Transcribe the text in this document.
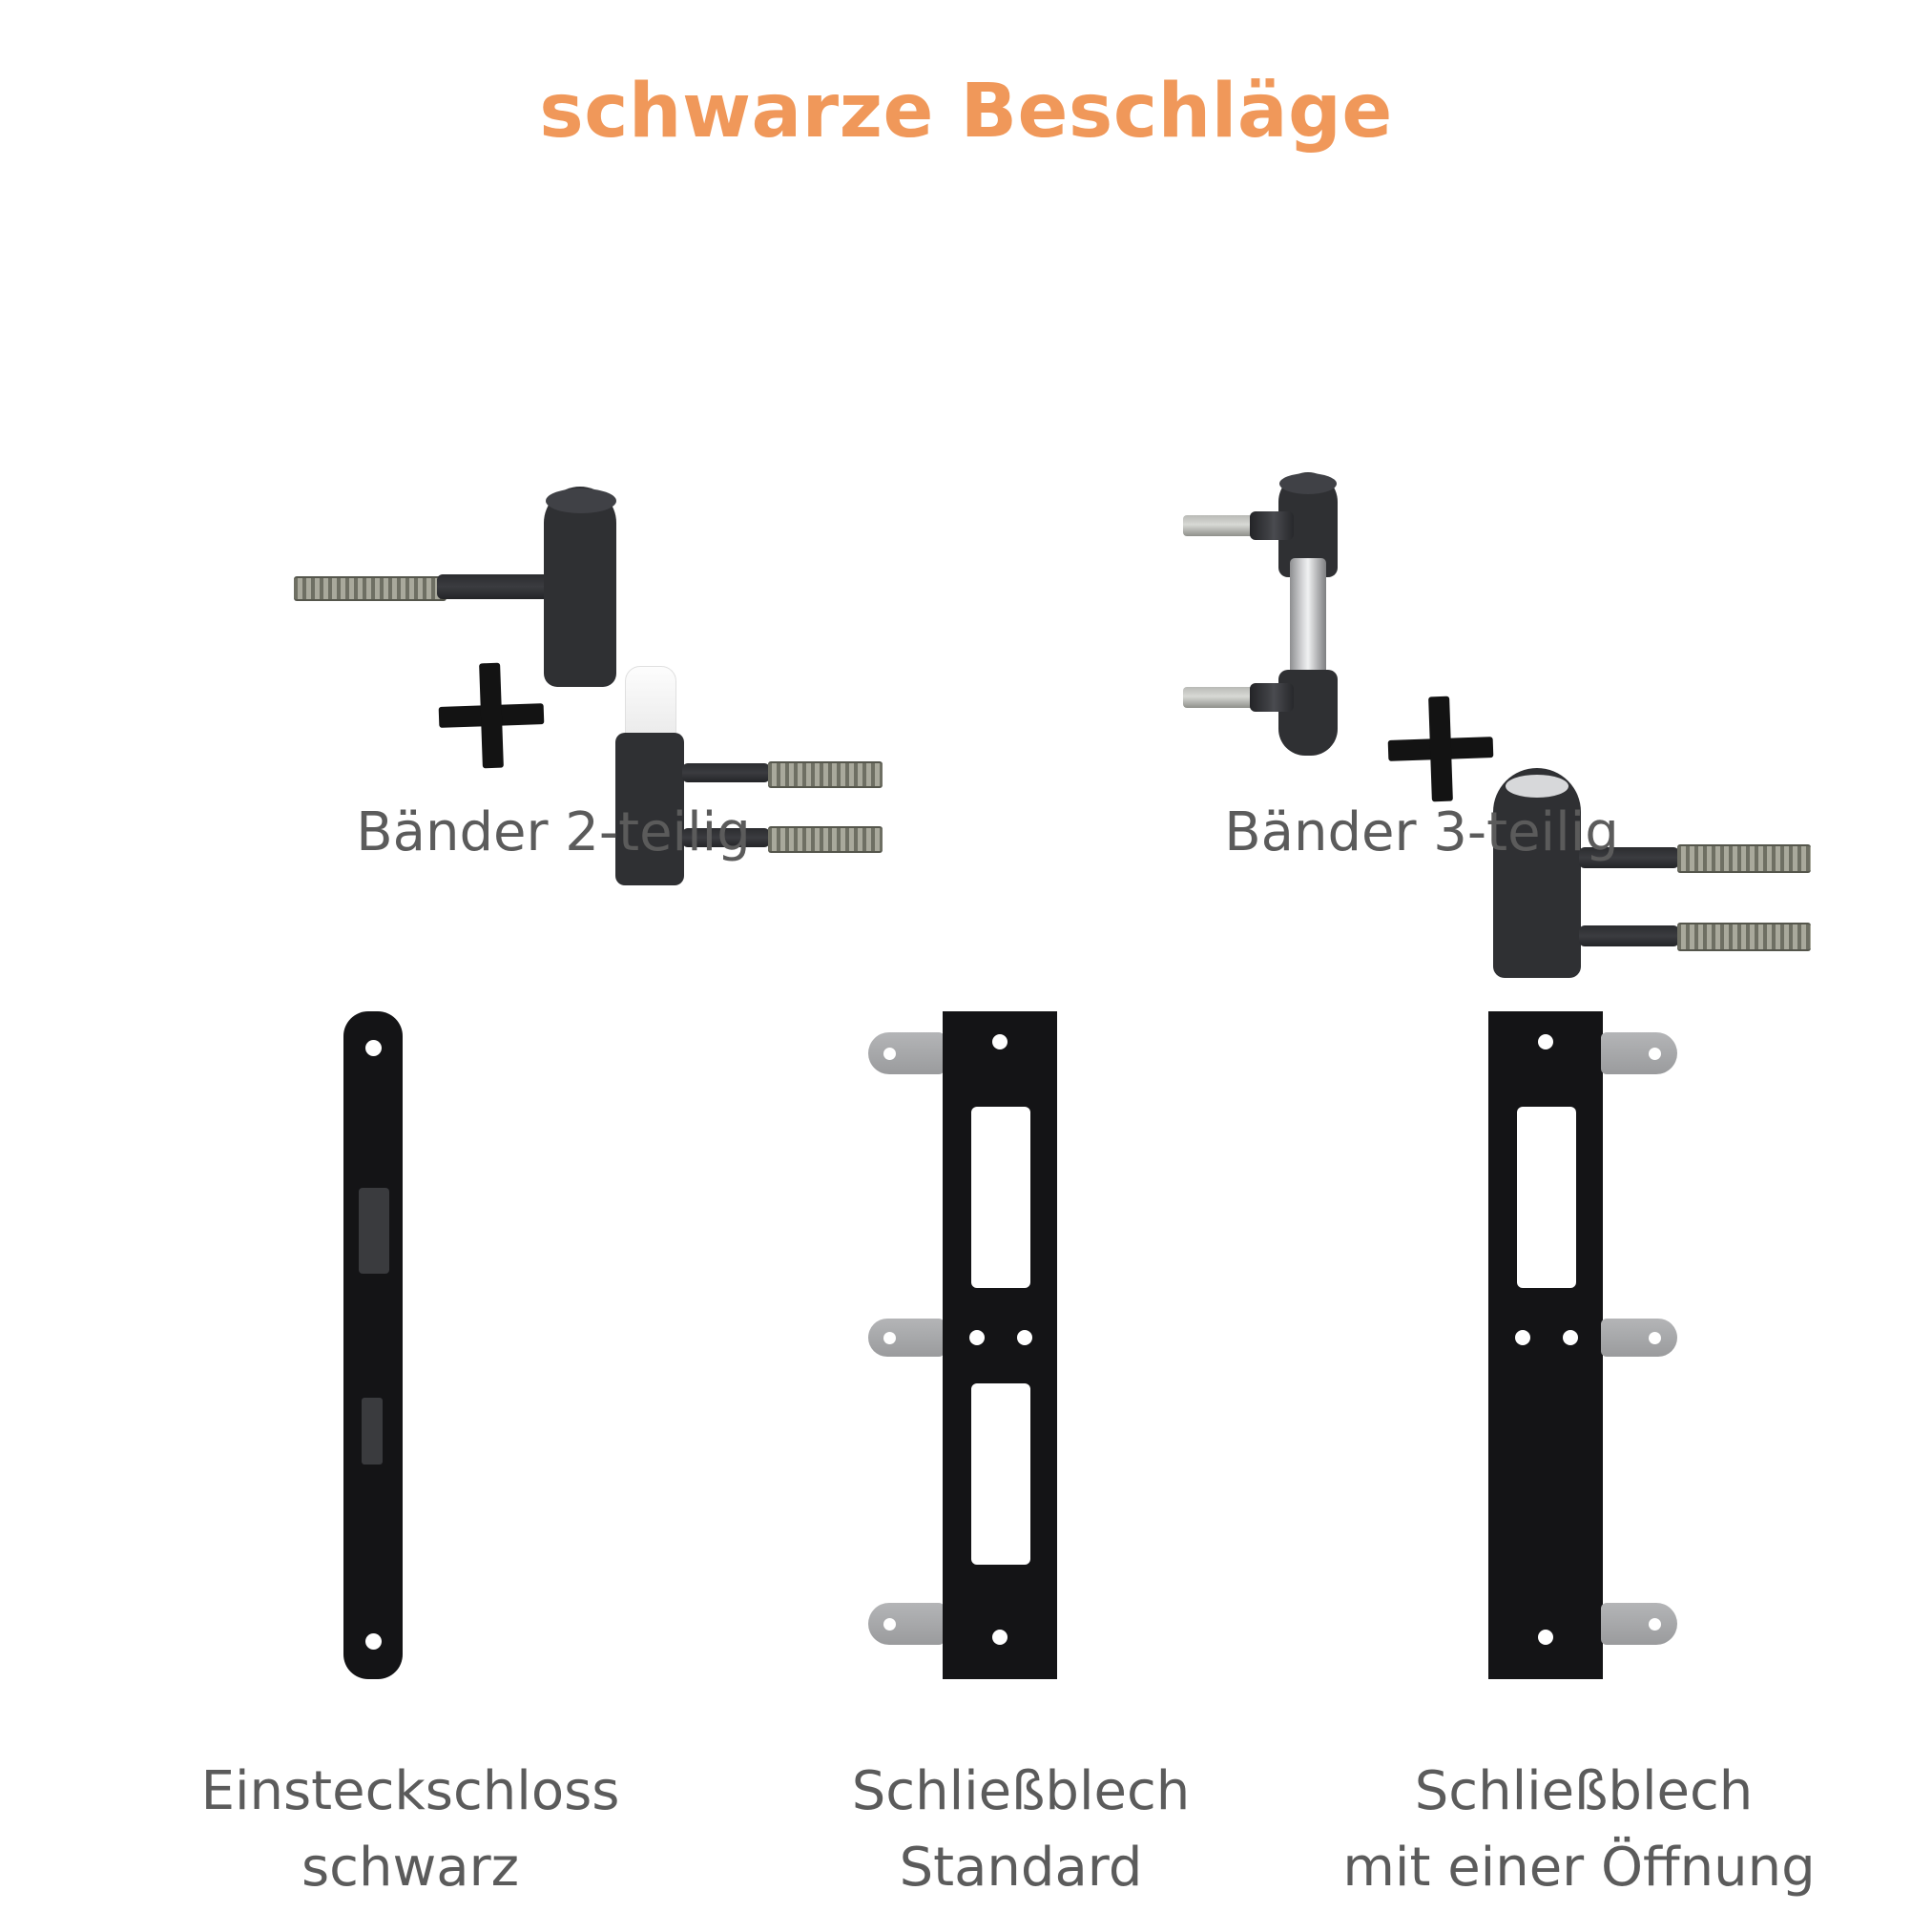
schwarze Beschläge
Bänder 2-teilig	Bänder 3-teilig
Einsteckschloss
schwarz
Schließblech
Standard
Schließblech
mit einer Öffnung
